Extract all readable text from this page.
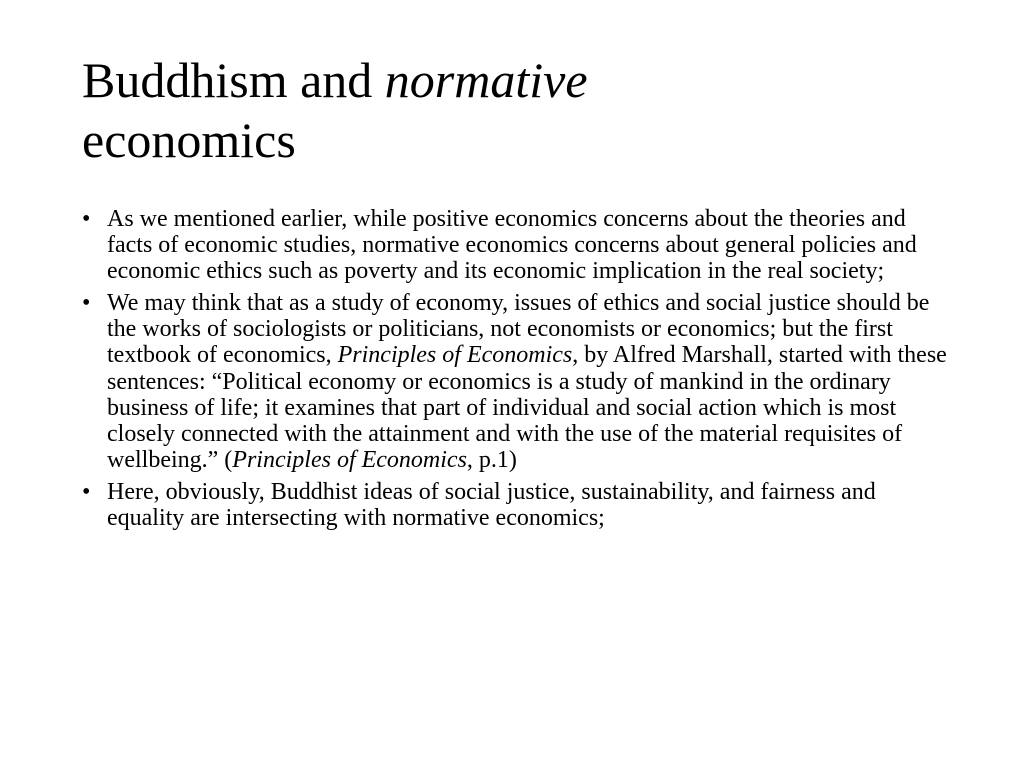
Buddhism and normative
economics
• As we mentioned earlier, while positive economics concerns about the theories and facts of economic studies, normative economics concerns about general policies and economic ethics such as poverty and its economic implication in the real society;
• We may think that as a study of economy, issues of ethics and social justice should be the works of sociologists or politicians, not economists or economics; but the first textbook of economics, Principles of Economics, by Alfred Marshall, started with these sentences: “Political economy or economics is a study of mankind in the ordinary business of life; it examines that part of individual and social action which is most closely connected with the attainment and with the use of the material requisites of wellbeing.” (Principles of Economics, p.1)
• Here, obviously, Buddhist ideas of social justice, sustainability, and fairness and equality are intersecting with normative economics;
